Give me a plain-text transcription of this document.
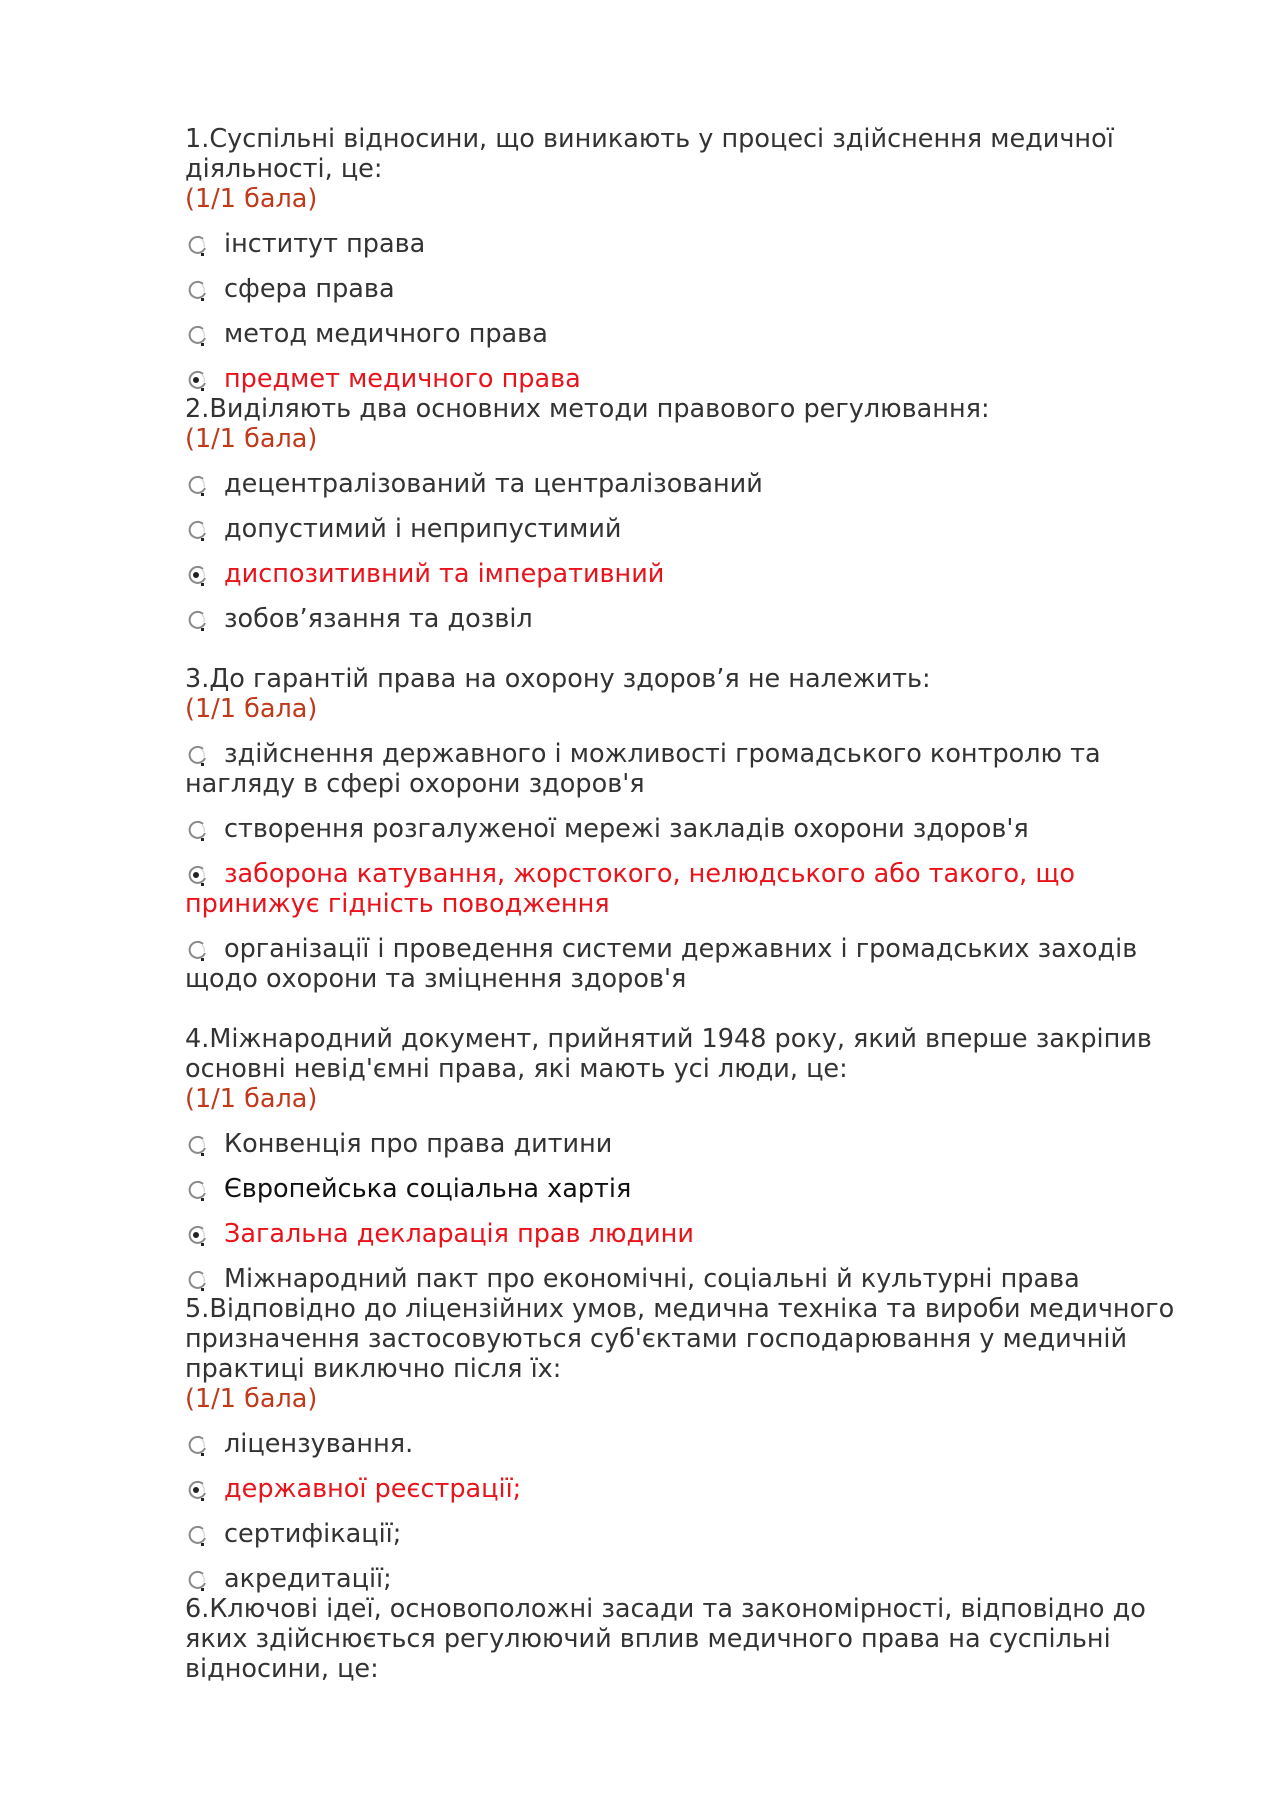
1.Суспільні відносини, що виникають у процесі здійснення медичної діяльності, це:
(1/1 бала)
інститут права
сфера права
метод медичного права
предмет медичного права
2.Виділяють два основних методи правового регулювання:
(1/1 бала)
децентралізований та централізований
допустимий і неприпустимий
диспозитивний та імперативний
зобов’язання та дозвіл
3.До гарантій права на охорону здоров’я не належить:
(1/1 бала)
здійснення державного і можливості громадського контролю та нагляду в сфері охорони здоров'я
створення розгалуженої мережі закладів охорони здоров'я
заборона катування, жорстокого, нелюдського або такого, що принижує гідність поводження
організації і проведення системи державних і громадських заходів щодо охорони та зміцнення здоров'я
4.Міжнародний документ, прийнятий 1948 року, який вперше закріпив основні невід'ємні права, які мають усі люди, це:
(1/1 бала)
Конвенція про права дитини
Європейська соціальна хартія
Загальна декларація прав людини
Міжнародний пакт про економічні, соціальні й культурні права
5.Відповідно до ліцензійних умов, медична техніка та вироби медичного призначення застосовуються суб'єктами господарювання у медичній практиці виключно після їх:
(1/1 бала)
ліцензування.
державної реєстрації;
сертифікації;
акредитації;
6.Ключові ідеї, основоположні засади та закономірності, відповідно до яких здійснюється регулюючий вплив медичного права на суспільні відносини, це:
